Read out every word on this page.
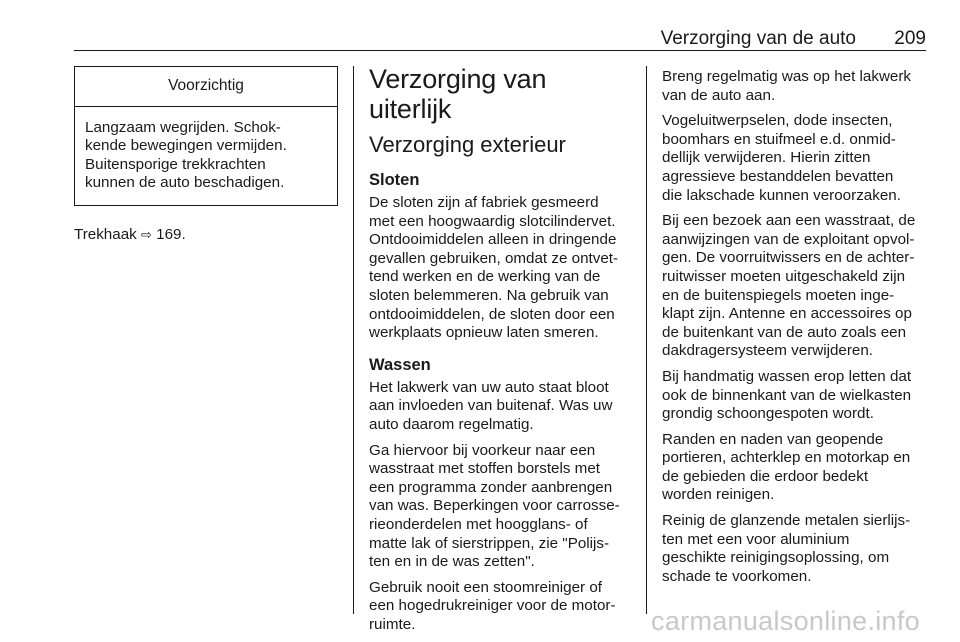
Verzorging van de auto 209
Voorzichtig
Langzaam wegrijden. Schok-
kende bewegingen vermijden.
Buitensporige trekkrachten
kunnen de auto beschadigen.

Trekhaak ⇨ 169.

Verzorging van uiterlijk
Verzorging exterieur
Sloten

De sloten zijn af fabriek gesmeerd
met een hoogwaardig slotcilindervet.
Ontdooimiddelen alleen in dringende
gevallen gebruiken, omdat ze ontvet-
tend werken en de werking van de
sloten belemmeren. Na gebruik van
ontdooimiddelen, de sloten door een
werkplaats opnieuw laten smeren.

Wassen

Het lakwerk van uw auto staat bloot
aan invloeden van buitenaf. Was uw
auto daarom regelmatig.

Ga hiervoor bij voorkeur naar een
wasstraat met stoffen borstels met
een programma zonder aanbrengen
van was. Beperkingen voor carrosse-
rieonderdelen met hoogglans- of
matte lak of sierstrippen, zie "Polijs-
ten en in de was zetten".

Gebruik nooit een stoomreiniger of
een hogedrukreiniger voor de motor-
ruimte.

Breng regelmatig was op het lakwerk
van de auto aan.

Vogeluitwerpselen, dode insecten,
boomhars en stuifmeel e.d. onmid-
dellijk verwijderen. Hierin zitten
agressieve bestanddelen bevatten
die lakschade kunnen veroorzaken.

Bij een bezoek aan een wasstraat, de
aanwijzingen van de exploitant opvol-
gen. De voorruitwissers en de achter-
ruitwisser moeten uitgeschakeld zijn
en de buitenspiegels moeten inge-
klapt zijn. Antenne en accessoires op
de buitenkant van de auto zoals een
dakdragersysteem verwijderen.

Bij handmatig wassen erop letten dat
ook de binnenkant van de wielkasten
grondig schoongespoten wordt.

Randen en naden van geopende
portieren, achterklep en motorkap en
de gebieden die erdoor bedekt
worden reinigen.

Reinig de glanzende metalen sierlijs-
ten met een voor aluminium
geschikte reinigingsoplossing, om
schade te voorkomen.

carmanualsonline.info
